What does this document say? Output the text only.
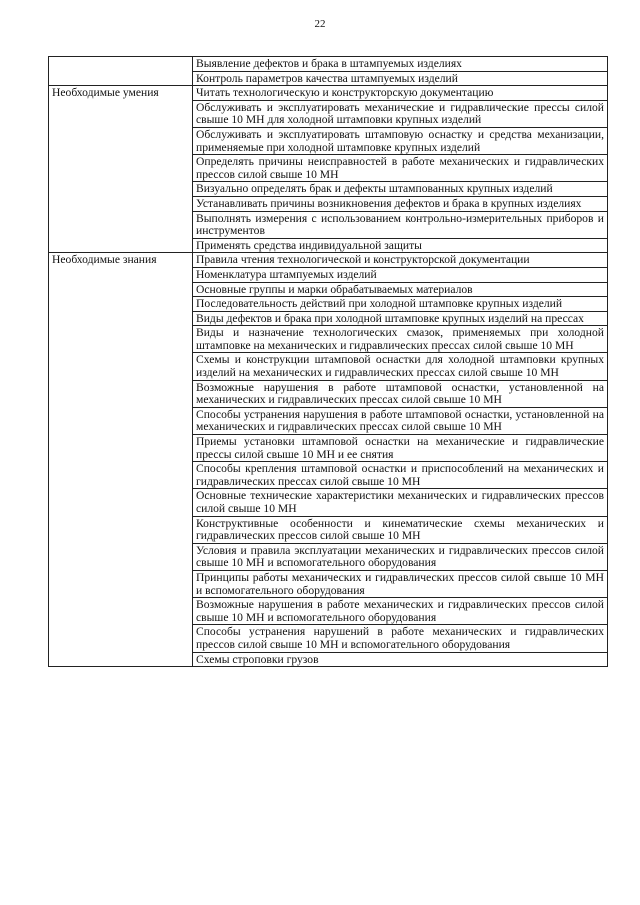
22
	Выявление дефектов и брака в штампуемых изделиях
	Контроль параметров качества штампуемых изделий
Необходимые умения	Читать технологическую и конструкторскую документацию
	Обслуживать и эксплуатировать механические и гидравлические прессы силой свыше 10 МН для холодной штамповки крупных изделий
	Обслуживать и эксплуатировать штамповую оснастку и средства механизации, применяемые при холодной штамповке крупных изделий
	Определять причины неисправностей в работе механических и гидравлических прессов силой свыше 10 МН
	Визуально определять брак и дефекты штампованных крупных изделий
	Устанавливать причины возникновения дефектов и брака в крупных изделиях
	Выполнять измерения с использованием контрольно-измерительных приборов и инструментов
	Применять средства индивидуальной защиты
Необходимые знания	Правила чтения технологической и конструкторской документации
	Номенклатура штампуемых изделий
	Основные группы и марки обрабатываемых материалов
	Последовательность действий при холодной штамповке крупных изделий
	Виды дефектов и брака при холодной штамповке крупных изделий на прессах
	Виды и назначение технологических смазок, применяемых при холодной штамповке на механических и гидравлических прессах силой свыше 10 МН
	Схемы и конструкции штамповой оснастки для холодной штамповки крупных изделий на механических и гидравлических прессах силой свыше 10 МН
	Возможные нарушения в работе штамповой оснастки, установленной на механических и гидравлических прессах силой свыше 10 МН
	Способы устранения нарушения в работе штамповой оснастки, установленной на механических и гидравлических прессах силой свыше 10 МН
	Приемы установки штамповой оснастки на механические и гидравлические прессы силой свыше 10 МН и ее снятия
	Способы крепления штамповой оснастки и приспособлений на механических и гидравлических прессах силой свыше 10 МН
	Основные технические характеристики механических и гидравлических прессов силой свыше 10 МН
	Конструктивные особенности и кинематические схемы механических и гидравлических прессов силой свыше 10 МН
	Условия и правила эксплуатации механических и гидравлических прессов силой свыше 10 МН и вспомогательного оборудования
	Принципы работы механических и гидравлических прессов силой свыше 10 МН и вспомогательного оборудования
	Возможные нарушения в работе механических и гидравлических прессов силой свыше 10 МН и вспомогательного оборудования
	Способы устранения нарушений в работе механических и гидравлических прессов силой свыше 10 МН и вспомогательного оборудования
	Схемы строповки грузов
